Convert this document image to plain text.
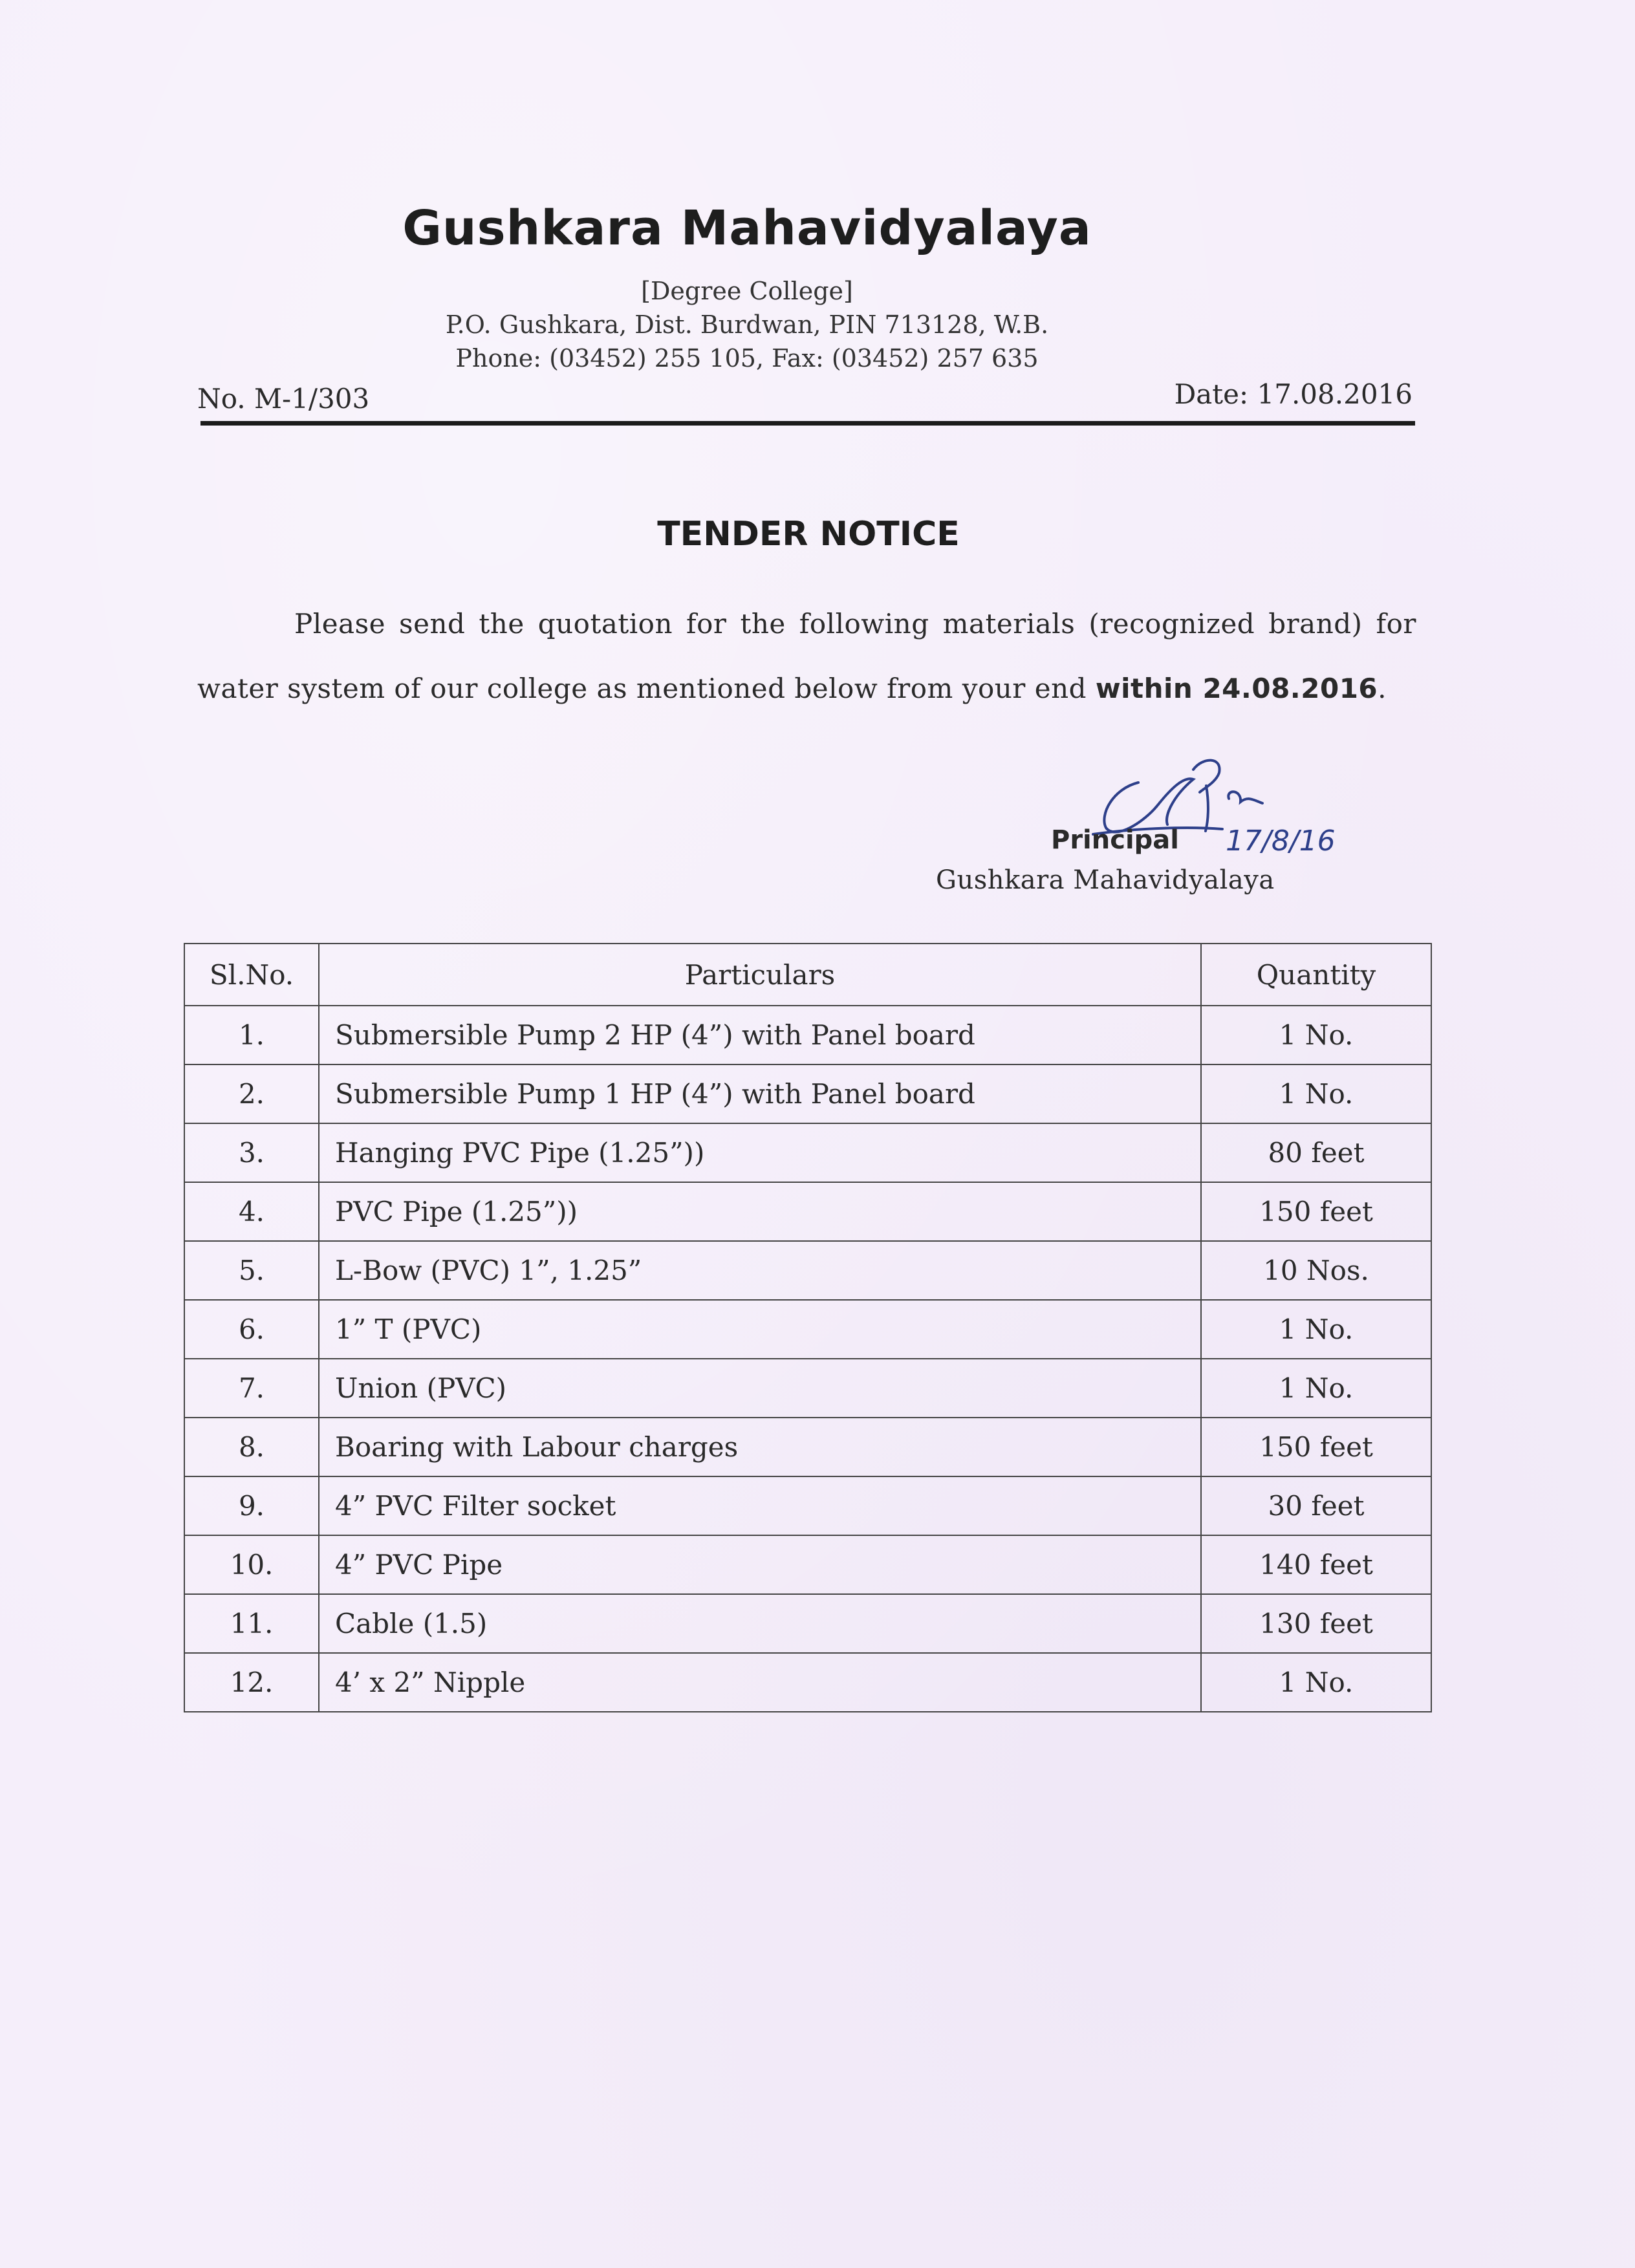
Gushkara Mahavidyalaya
[Degree College]
P.O. Gushkara, Dist. Burdwan, PIN 713128, W.B.
Phone: (03452) 255 105, Fax: (03452) 257 635
No. M-1/303	Date: 17.08.2016
TENDER NOTICE
Please send the quotation for the following materials (recognized brand) for
water system of our college as mentioned below from your end within 24.08.2016.
17/8/16
Principal
Gushkara Mahavidyalaya
Sl.No.	Particulars	Quantity
1.	Submersible Pump 2 HP (4”) with Panel board	1 No.
2.	Submersible Pump 1 HP (4”) with Panel board	1 No.
3.	Hanging PVC Pipe (1.25”))	80 feet
4.	PVC Pipe (1.25”))	150 feet
5.	L-Bow (PVC) 1”, 1.25”	10 Nos.
6.	1” T (PVC)	1 No.
7.	Union (PVC)	1 No.
8.	Boaring with Labour charges	150 feet
9.	4” PVC Filter socket	30 feet
10.	4” PVC Pipe	140 feet
11.	Cable (1.5)	130 feet
12.	4’ x 2” Nipple	1 No.
